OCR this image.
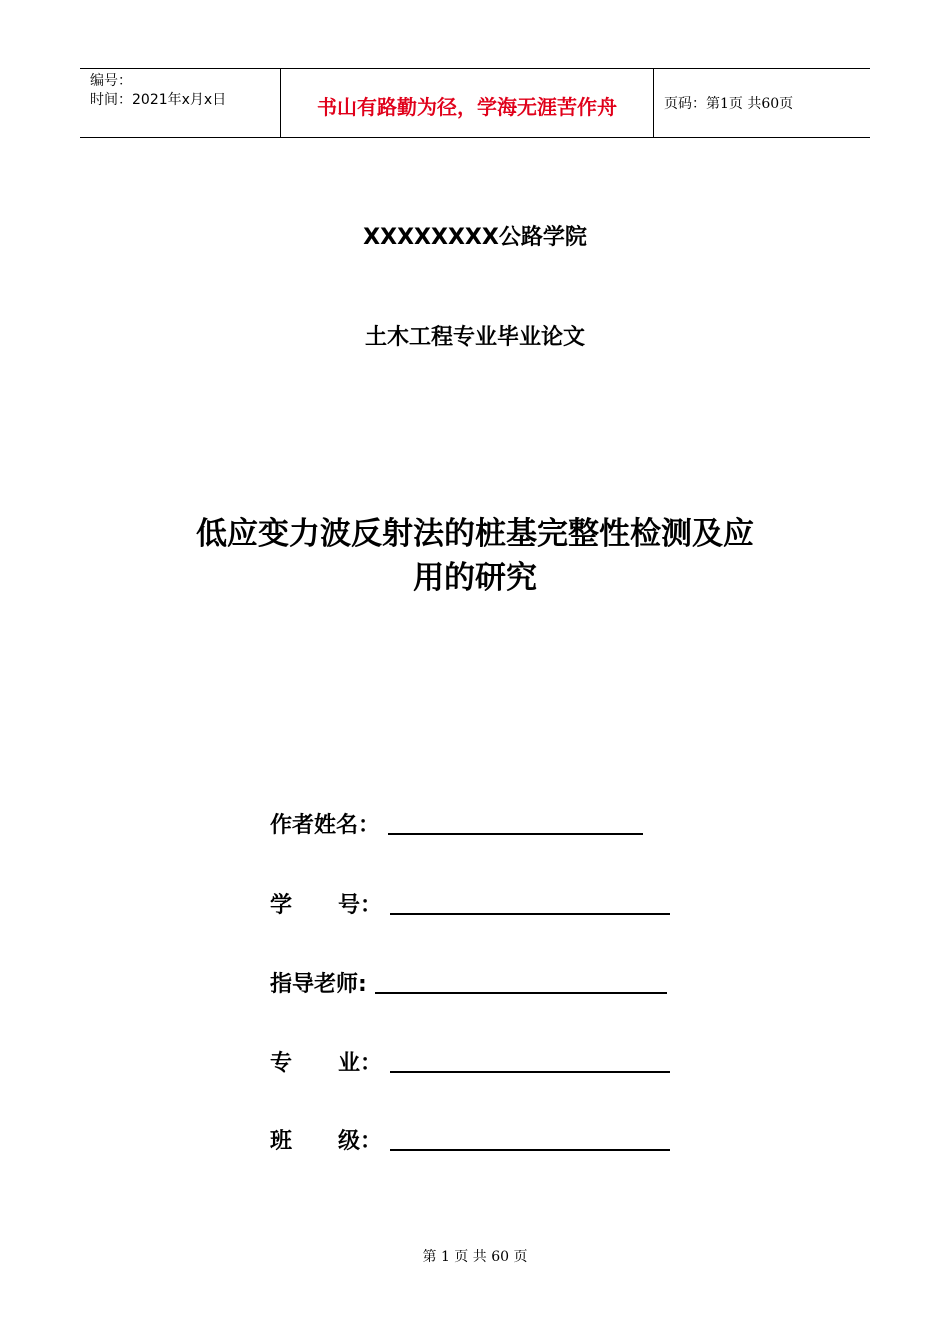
编号：
时间：2021年x月x日	书山有路勤为径，学海无涯苦作舟	页码：第1页 共60页
XXXXXXXX公路学院
土木工程专业毕业论文
低应变力波反射法的桩基完整性检测及应
用的研究
作者姓名：
学      号：
指导老师:
专      业：
班      级：
第 1 页 共 60 页
